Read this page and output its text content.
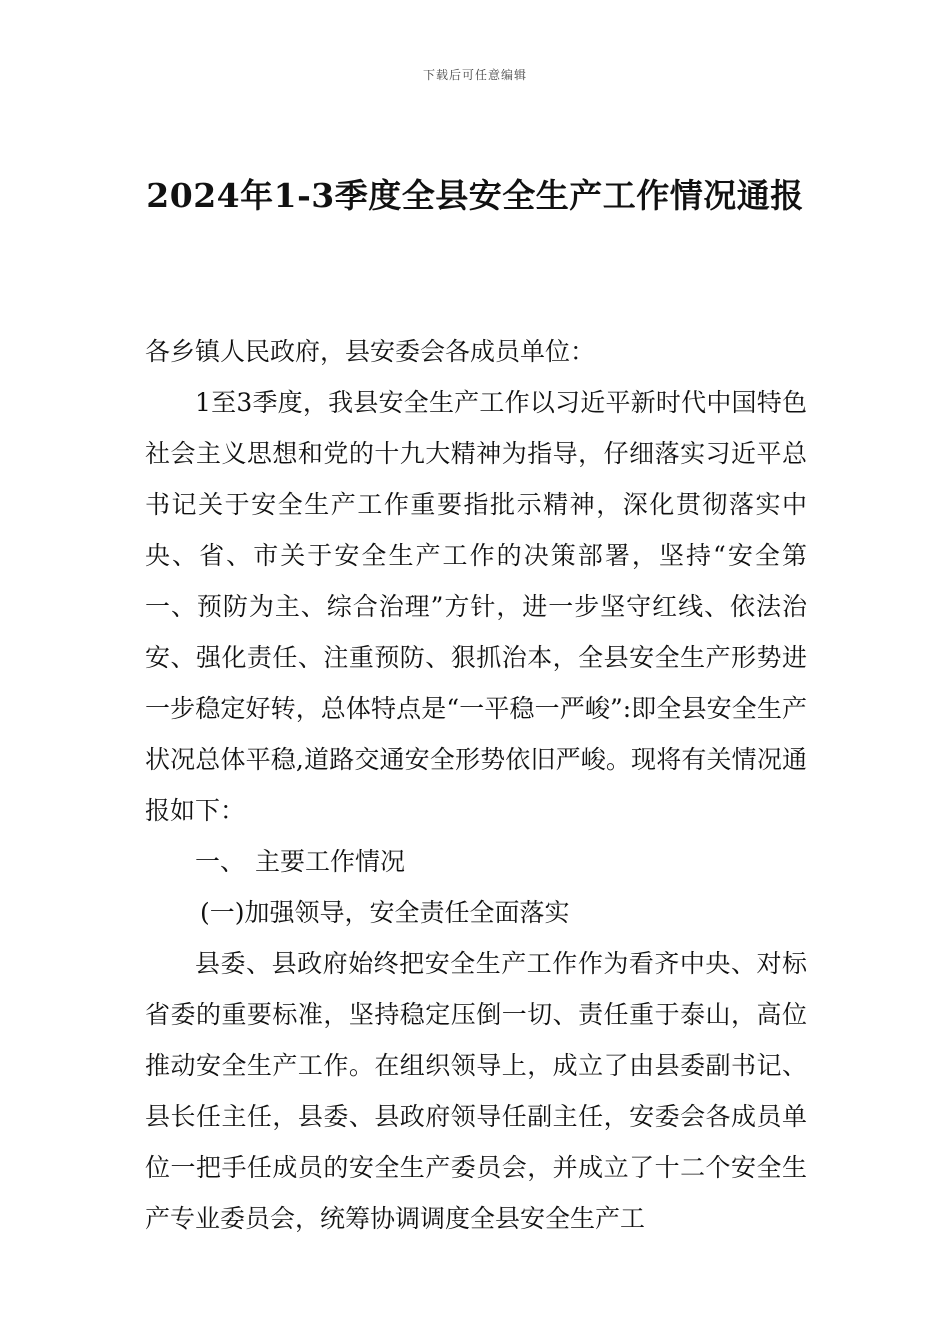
下载后可任意编辑
2024年1-3季度全县安全生产工作情况通报

各乡镇人民政府，县安委会各成员单位：

1至3季度，我县安全生产工作以习近平新时代中国特色社会主义思想和党的十九大精神为指导，仔细落实习近平总书记关于安全生产工作重要指批示精神，深化贯彻落实中央、省、市关于安全生产工作的决策部署，坚持“安全第一、预防为主、综合治理”方针，进一步坚守红线、依法治安、强化责任、注重预防、狠抓治本，全县安全生产形势进一步稳定好转，总体特点是“一平稳一严峻”:即全县安全生产状况总体平稳,道路交通安全形势依旧严峻。现将有关情况通报如下：

一、 主要工作情况

(一)加强领导，安全责任全面落实

县委、县政府始终把安全生产工作作为看齐中央、对标省委的重要标准，坚持稳定压倒一切、责任重于泰山，高位推动安全生产工作。在组织领导上，成立了由县委副书记、县长任主任，县委、县政府领导任副主任，安委会各成员单位一把手任成员的安全生产委员会，并成立了十二个安全生产专业委员会，统筹协调调度全县安全生产工
